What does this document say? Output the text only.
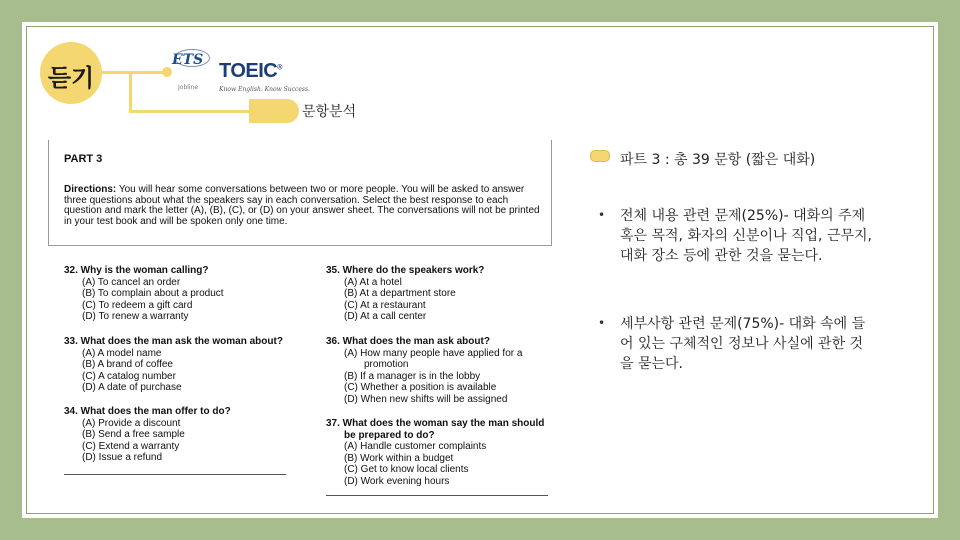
듣기
문항분석
ETS
Jobline
TOEIC®
Know English. Know Success.
PART 3
Directions: You will hear some conversations between two or more people. You will be asked to answer three questions about what the speakers say in each conversation. Select the best response to each question and mark the letter (A), (B), (C), or (D) on your answer sheet. The conversations will not be printed in your test book and will be spoken only one time.
32. Why is the woman calling?
(A) To cancel an order
(B) To complain about a product
(C) To redeem a gift card
(D) To renew a warranty
33. What does the man ask the woman about?
(A) A model name
(B) A brand of coffee
(C) A catalog number
(D) A date of purchase
34. What does the man offer to do?
(A) Provide a discount
(B) Send a free sample
(C) Extend a warranty
(D) Issue a refund
35. Where do the speakers work?
(A) At a hotel
(B) At a department store
(C) At a restaurant
(D) At a call center
36. What does the man ask about?
(A) How many people have applied for a
promotion
(B) If a manager is in the lobby
(C) Whether a position is available
(D) When new shifts will be assigned
37. What does the woman say the man should
be prepared to do?
(A) Handle customer complaints
(B) Work within a budget
(C) Get to know local clients
(D) Work evening hours
파트 3 : 총 39 문항 (짧은 대화)
• 전체 내용 관련 문제(25%)- 대화의 주제 혹은 목적, 화자의 신분이나 직업, 근무지, 대화 장소 등에 관한 것을 묻는다.
• 세부사항 관련 문제(75%)- 대화 속에 들어 있는 구체적인 정보나 사실에 관한 것을 묻는다.
